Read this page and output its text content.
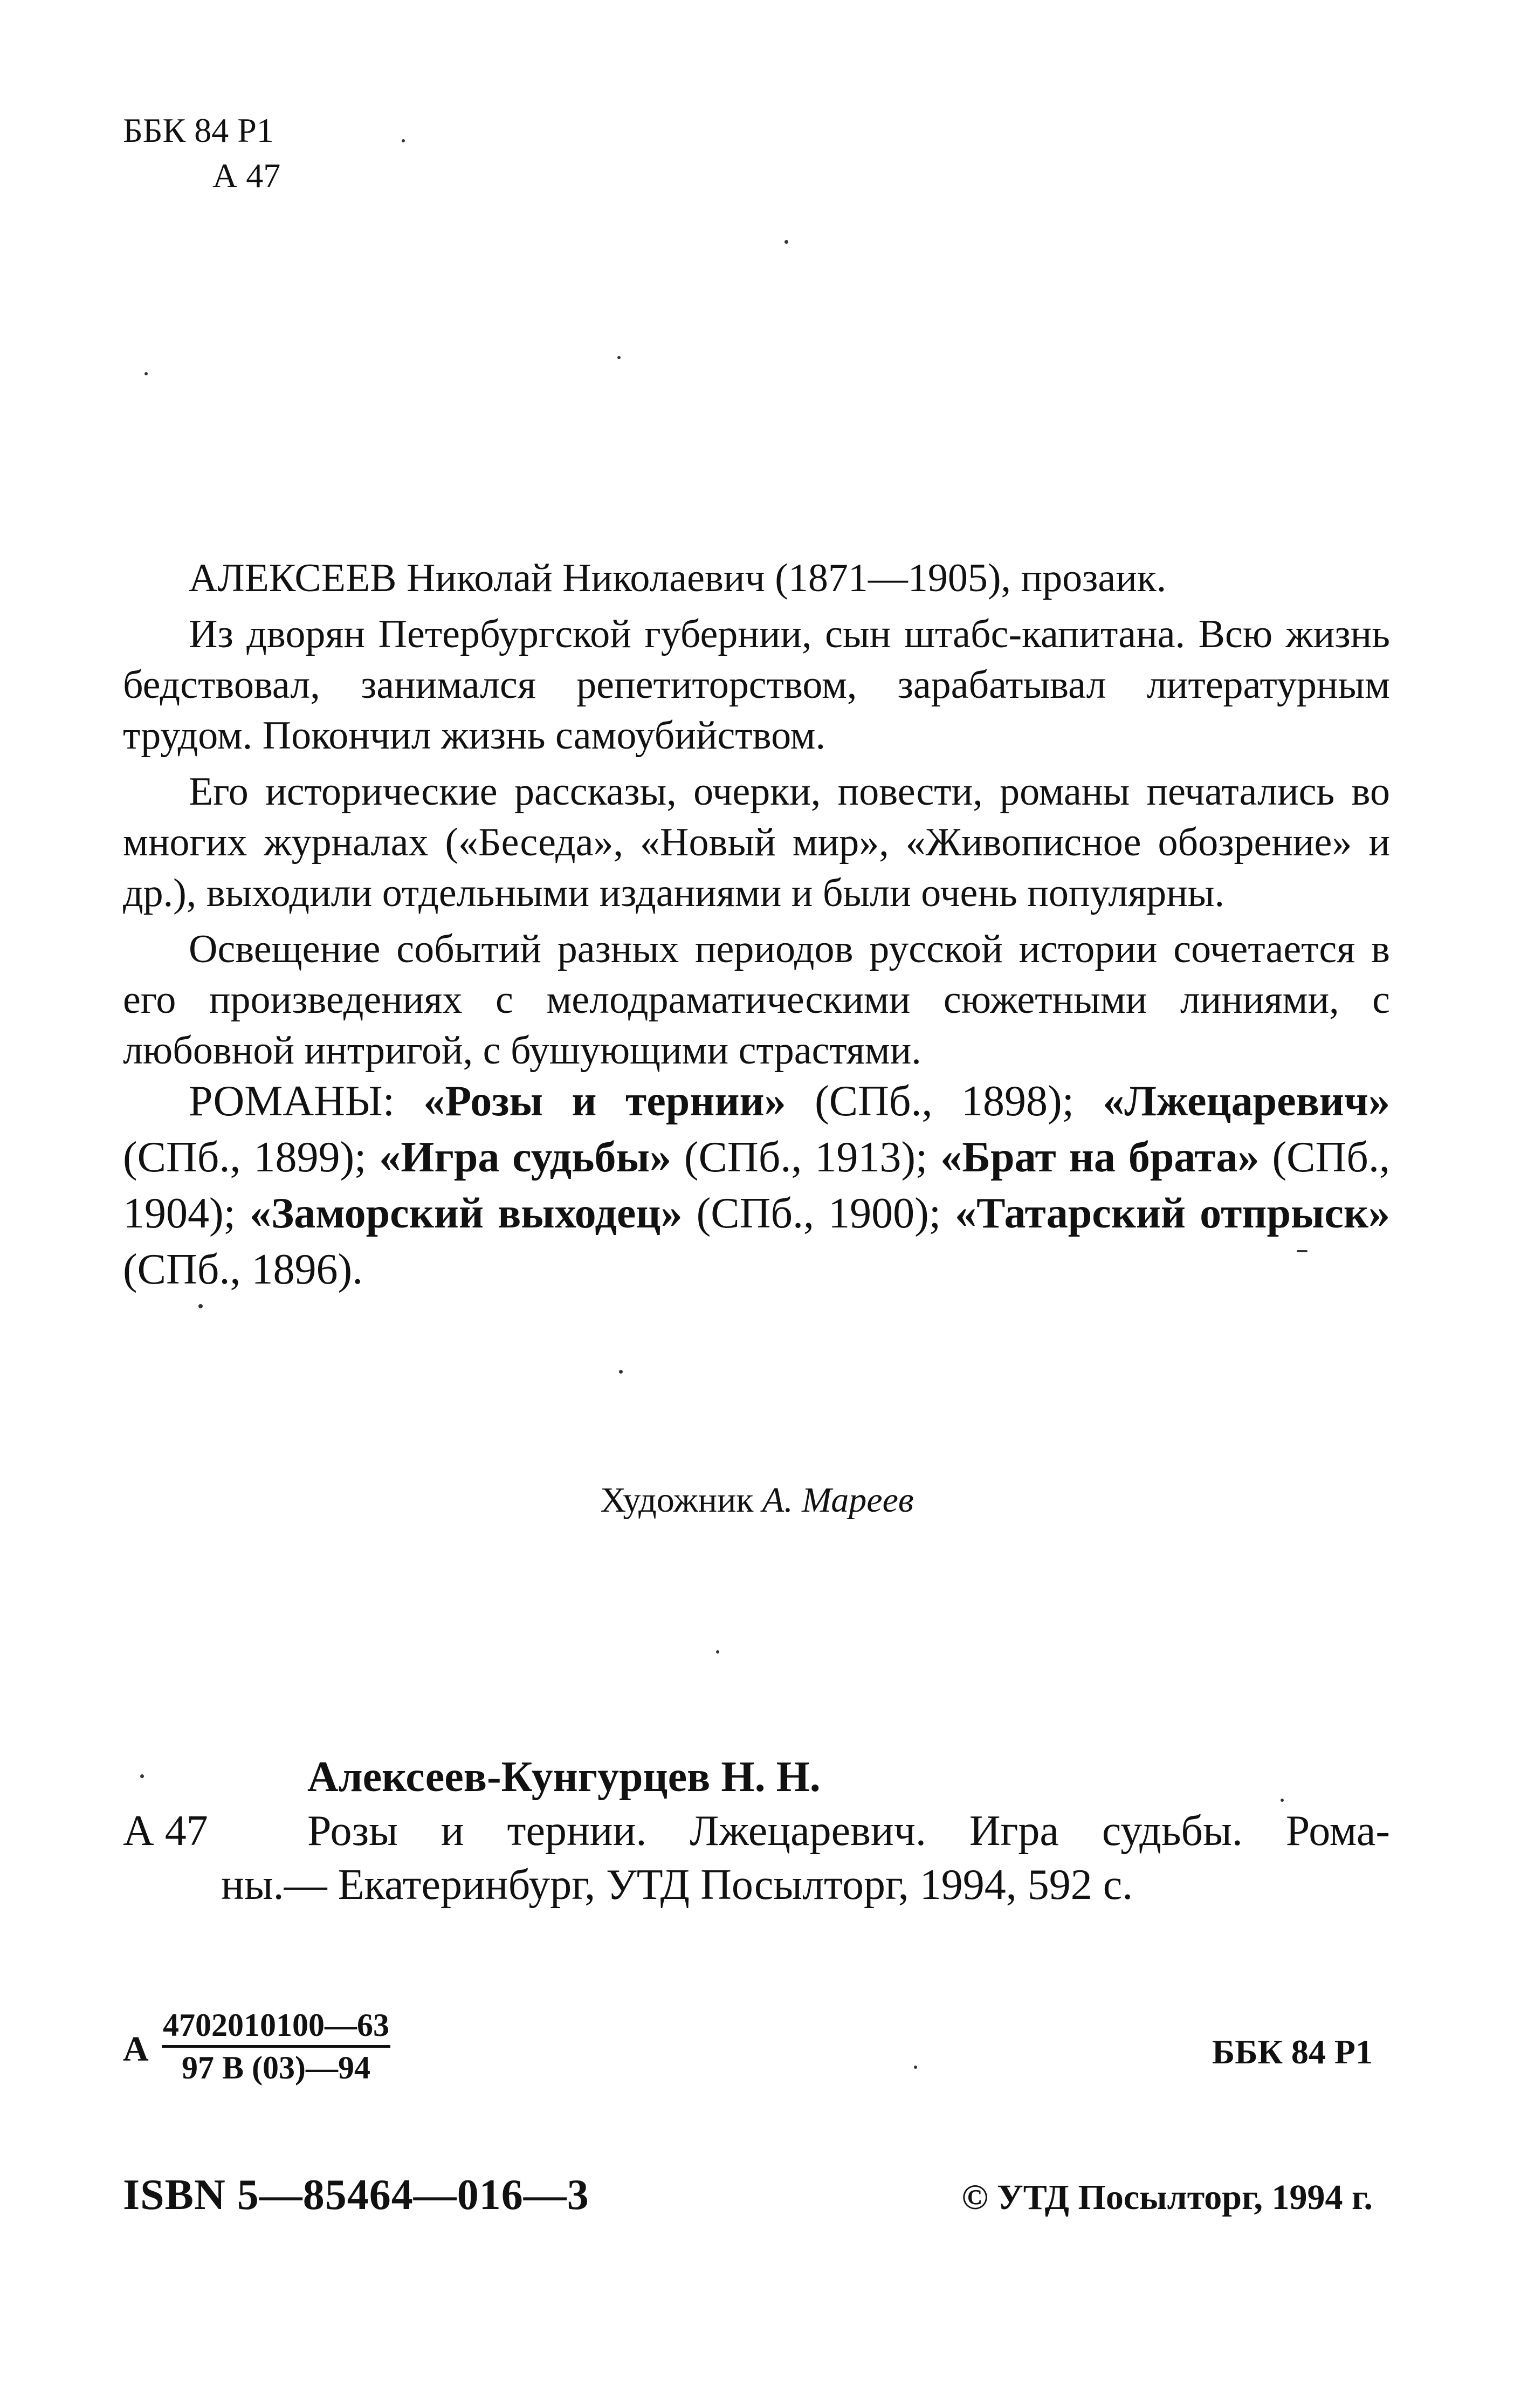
ББК 84 Р1
А 47

АЛЕКСЕЕВ Николай Николаевич (1871—1905), прозаик.

Из дворян Петербургской губернии, сын штабс-капитана. Всю жизнь бедствовал, занимался репетиторством, зарабатывал литературным трудом. Покончил жизнь самоубийством.

Его исторические рассказы, очерки, повести, романы печатались во многих журналах («Беседа», «Новый мир», «Живописное обозрение» и др.), выходили отдельными изданиями и были очень популярны.

Освещение событий разных периодов русской истории сочетается в его произведениях с мелодраматическими сюжетными линиями, с любовной интригой, с бушующими страстями.

РОМАНЫ: «Розы и тернии» (СПб., 1898); «Лжецаревич» (СПб., 1899); «Игра судьбы» (СПб., 1913); «Брат на брата» (СПб., 1904); «Заморский выходец» (СПб., 1900); «Татарский отпрыск» (СПб., 1896).
Художник А. Мареев
Алексеев-Кунгурцев Н. Н.
А 47 Розы и тернии. Лжецаревич. Игра судьбы. Рома-
ны.— Екатеринбург, УТД Посылторг, 1994, 592 с.
А
4702010100—63
97 В (03)—94	ББК 84 Р1
ISBN 5—85464—016—3	© УТД Посылторг, 1994 г.
